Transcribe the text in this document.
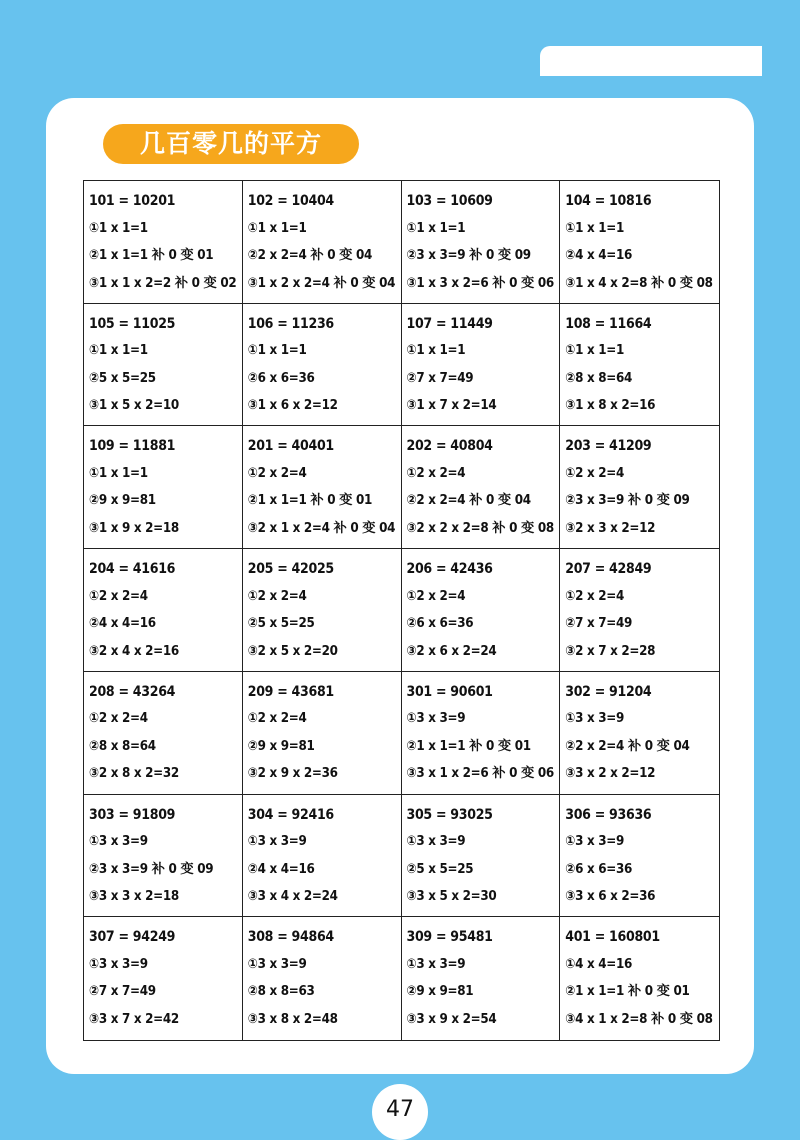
几百零几的平方
101 = 10201
①1 x 1=1
②1 x 1=1 补 0 变 01
③1 x 1 x 2=2 补 0 变 02
102 = 10404
①1 x 1=1
②2 x 2=4 补 0 变 04
③1 x 2 x 2=4 补 0 变 04
103 = 10609
①1 x 1=1
②3 x 3=9 补 0 变 09
③1 x 3 x 2=6 补 0 变 06
104 = 10816
①1 x 1=1
②4 x 4=16
③1 x 4 x 2=8 补 0 变 08
105 = 11025
①1 x 1=1
②5 x 5=25
③1 x 5 x 2=10
106 = 11236
①1 x 1=1
②6 x 6=36
③1 x 6 x 2=12
107 = 11449
①1 x 1=1
②7 x 7=49
③1 x 7 x 2=14
108 = 11664
①1 x 1=1
②8 x 8=64
③1 x 8 x 2=16
109 = 11881
①1 x 1=1
②9 x 9=81
③1 x 9 x 2=18
201 = 40401
①2 x 2=4
②1 x 1=1 补 0 变 01
③2 x 1 x 2=4 补 0 变 04
202 = 40804
①2 x 2=4
②2 x 2=4 补 0 变 04
③2 x 2 x 2=8 补 0 变 08
203 = 41209
①2 x 2=4
②3 x 3=9 补 0 变 09
③2 x 3 x 2=12
204 = 41616
①2 x 2=4
②4 x 4=16
③2 x 4 x 2=16
205 = 42025
①2 x 2=4
②5 x 5=25
③2 x 5 x 2=20
206 = 42436
①2 x 2=4
②6 x 6=36
③2 x 6 x 2=24
207 = 42849
①2 x 2=4
②7 x 7=49
③2 x 7 x 2=28
208 = 43264
①2 x 2=4
②8 x 8=64
③2 x 8 x 2=32
209 = 43681
①2 x 2=4
②9 x 9=81
③2 x 9 x 2=36
301 = 90601
①3 x 3=9
②1 x 1=1 补 0 变 01
③3 x 1 x 2=6 补 0 变 06
302 = 91204
①3 x 3=9
②2 x 2=4 补 0 变 04
③3 x 2 x 2=12
303 = 91809
①3 x 3=9
②3 x 3=9 补 0 变 09
③3 x 3 x 2=18
304 = 92416
①3 x 3=9
②4 x 4=16
③3 x 4 x 2=24
305 = 93025
①3 x 3=9
②5 x 5=25
③3 x 5 x 2=30
306 = 93636
①3 x 3=9
②6 x 6=36
③3 x 6 x 2=36
307 = 94249
①3 x 3=9
②7 x 7=49
③3 x 7 x 2=42
308 = 94864
①3 x 3=9
②8 x 8=63
③3 x 8 x 2=48
309 = 95481
①3 x 3=9
②9 x 9=81
③3 x 9 x 2=54
401 = 160801
①4 x 4=16
②1 x 1=1 补 0 变 01
③4 x 1 x 2=8 补 0 变 08
47
